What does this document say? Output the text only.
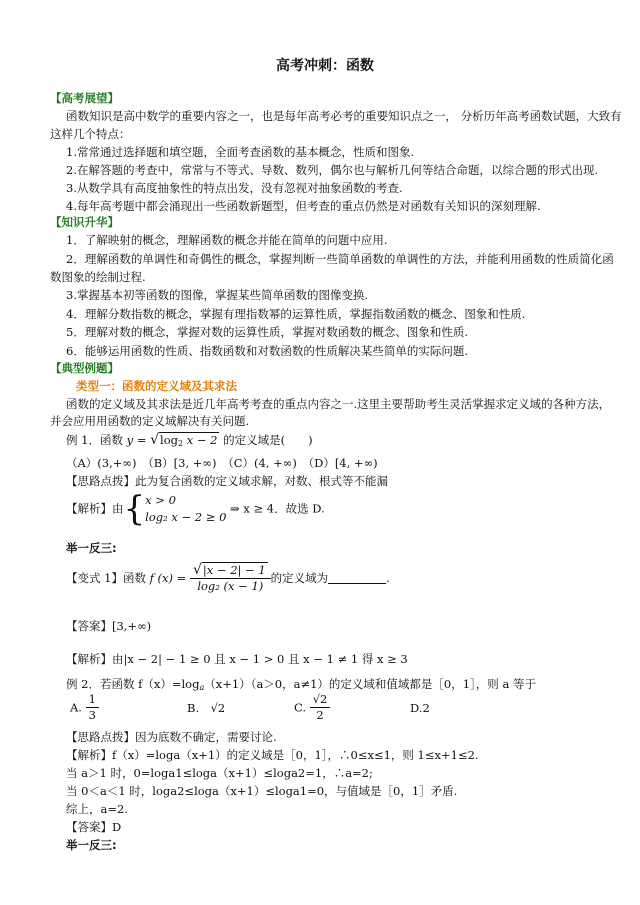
高考冲刺：函数
【高考展望】
函数知识是高中数学的重要内容之一，也是每年高考必考的重要知识点之一， 分析历年高考函数试题，大致有
这样几个特点：
1.常常通过选择题和填空题，全面考查函数的基本概念，性质和图象.
2.在解答题的考查中，常常与不等式、导数、数列，偶尔也与解析几何等结合命题，以综合题的形式出现.
3.从数学具有高度抽象性的特点出发，没有忽视对抽象函数的考查.
4.每年高考题中都会涌现出一些函数新题型，但考查的重点仍然是对函数有关知识的深刻理解.
【知识升华】
1．了解映射的概念，理解函数的概念并能在简单的问题中应用.
2．理解函数的单调性和奇偶性的概念，掌握判断一些简单函数的单调性的方法，并能利用函数的性质简化函
数图象的绘制过程.
3.掌握基本初等函数的图像，掌握某些简单函数的图像变换.
4．理解分数指数的概念，掌握有理指数幂的运算性质，掌握指数函数的概念、图象和性质.
5．理解对数的概念，掌握对数的运算性质，掌握对数函数的概念、图象和性质.
6．能够运用函数的性质、指数函数和对数函数的性质解决某些简单的实际问题.
【典型例题】
类型一：函数的定义域及其求法
函数的定义域及其求法是近几年高考考查的重点内容之一.这里主要帮助考生灵活掌握求定义域的各种方法，
并会应用用函数的定义域解决有关问题.
例 1．函数 $y = √\log_2$ x − 2 的定义域是(　　)
（A）(3,+∞)　（B）[3, +∞)　（C）(4, +∞)　（D）[4, +∞)
【思路点拨】此为复合函数的定义域求解，对数、根式等不能漏
【解析】由{ x > 0
log₂ x − 2 ≥ 0
⇒ x ≥ 4．故选 D.
举一反三:
【变式 1】函数 f $(x) = \frac{√|x - 2| - 1}{\text{log₂ (x − 1)}}$ 的定义域为	.
【答案】[3,+∞)
【解析】由|x − 2| − 1 ≥ 0 且 x − 1 > 0 且 x − 1 ≠ 1 得 x ≥ 3
例 2．若函数 $f(x)=\log_a(x+1)(a>0$，a≠1）的定义域和值域都是［0，1］，则 a 等于
A. $\frac{1}{3}$	B.　√2	C. $\frac{√2}{2}$	D.2
【思路点拨】因为底数不确定，需要讨论.
【解析】f（x）=loga（x+1）的定义域是［0，1］，∴0≤x≤1，则 1≤x+1≤2.
当 a＞1 时，0=loga1≤loga（x+1）≤loga2=1，∴a=2;
当 0＜a＜1 时，loga2≤loga（x+1）≤loga1=0，与值域是［0，1］矛盾.
综上，a=2.
【答案】D
举一反三:
